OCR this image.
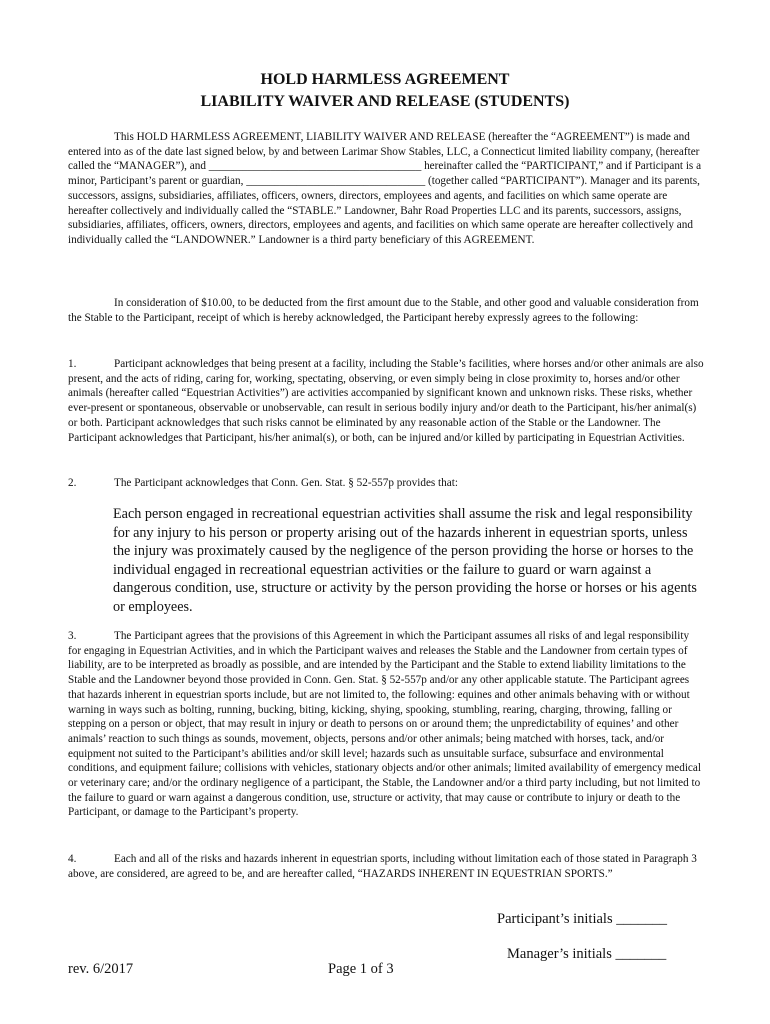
HOLD HARMLESS AGREEMENT
LIABILITY WAIVER AND RELEASE (STUDENTS)

This HOLD HARMLESS AGREEMENT, LIABILITY WAIVER AND RELEASE (hereafter the “AGREEMENT”) is made and entered into as of the date last signed below, by and between Larimar Show Stables, LLC, a Connecticut limited liability company, (hereafter called the “MANAGER”), and ______________________________________ hereinafter called the “PARTICIPANT,” and if Participant is a minor, Participant’s parent or guardian, ________________________________ (together called “PARTICIPANT”). Manager and its parents, successors, assigns, subsidiaries, affiliates, officers, owners, directors, employees and agents, and facilities on which same operate are hereafter collectively and individually called the “STABLE.” Landowner, Bahr Road Properties LLC and its parents, successors, assigns, subsidiaries, affiliates, officers, owners, directors, employees and agents, and facilities on which same operate are hereafter collectively and individually called the “LANDOWNER.” Landowner is a third party beneficiary of this AGREEMENT.

In consideration of $10.00, to be deducted from the first amount due to the Stable, and other good and valuable consideration from the Stable to the Participant, receipt of which is hereby acknowledged, the Participant hereby expressly agrees to the following:

1.	Participant acknowledges that being present at a facility, including the Stable’s facilities, where horses and/or other animals are also present, and the acts of riding, caring for, working, spectating, observing, or even simply being in close proximity to, horses and/or other animals (hereafter called “Equestrian Activities”) are activities accompanied by significant known and unknown risks. These risks, whether ever-present or spontaneous, observable or unobservable, can result in serious bodily injury and/or death to the Participant, his/her animal(s) or both. Participant acknowledges that such risks cannot be eliminated by any reasonable action of the Stable or the Landowner. The Participant acknowledges that Participant, his/her animal(s), or both, can be injured and/or killed by participating in Equestrian Activities.

2.	The Participant acknowledges that Conn. Gen. Stat. § 52-557p provides that:

Each person engaged in recreational equestrian activities shall assume the risk and legal responsibility for any injury to his person or property arising out of the hazards inherent in equestrian sports, unless the injury was proximately caused by the negligence of the person providing the horse or horses to the individual engaged in recreational equestrian activities or the failure to guard or warn against a dangerous condition, use, structure or activity by the person providing the horse or horses or his agents or employees.

3.	The Participant agrees that the provisions of this Agreement in which the Participant assumes all risks of and legal responsibility for engaging in Equestrian Activities, and in which the Participant waives and releases the Stable and the Landowner from certain types of liability, are to be interpreted as broadly as possible, and are intended by the Participant and the Stable to extend liability limitations to the Stable and the Landowner beyond those provided in Conn. Gen. Stat. § 52-557p and/or any other applicable statute. The Participant agrees that hazards inherent in equestrian sports include, but are not limited to, the following: equines and other animals behaving with or without warning in ways such as bolting, running, bucking, biting, kicking, shying, spooking, stumbling, rearing, charging, throwing, falling or stepping on a person or object, that may result in injury or death to persons on or around them; the unpredictability of equines’ and other animals’ reaction to such things as sounds, movement, objects, persons and/or other animals; being matched with horses, tack, and/or equipment not suited to the Participant’s abilities and/or skill level; hazards such as unsuitable surface, subsurface and environmental conditions, and equipment failure; collisions with vehicles, stationary objects and/or other animals; limited availability of emergency medical or veterinary care; and/or the ordinary negligence of a participant, the Stable, the Landowner and/or a third party including, but not limited to the failure to guard or warn against a dangerous condition, use, structure or activity, that may cause or contribute to injury or death to the Participant, or damage to the Participant’s property.

4.	Each and all of the risks and hazards inherent in equestrian sports, including without limitation each of those stated in Paragraph 3 above, are considered, are agreed to be, and are hereafter called, “HAZARDS INHERENT IN EQUESTRIAN SPORTS.”

Participant’s initials _______
Manager’s initials _______
rev. 6/2017	Page 1 of 3
